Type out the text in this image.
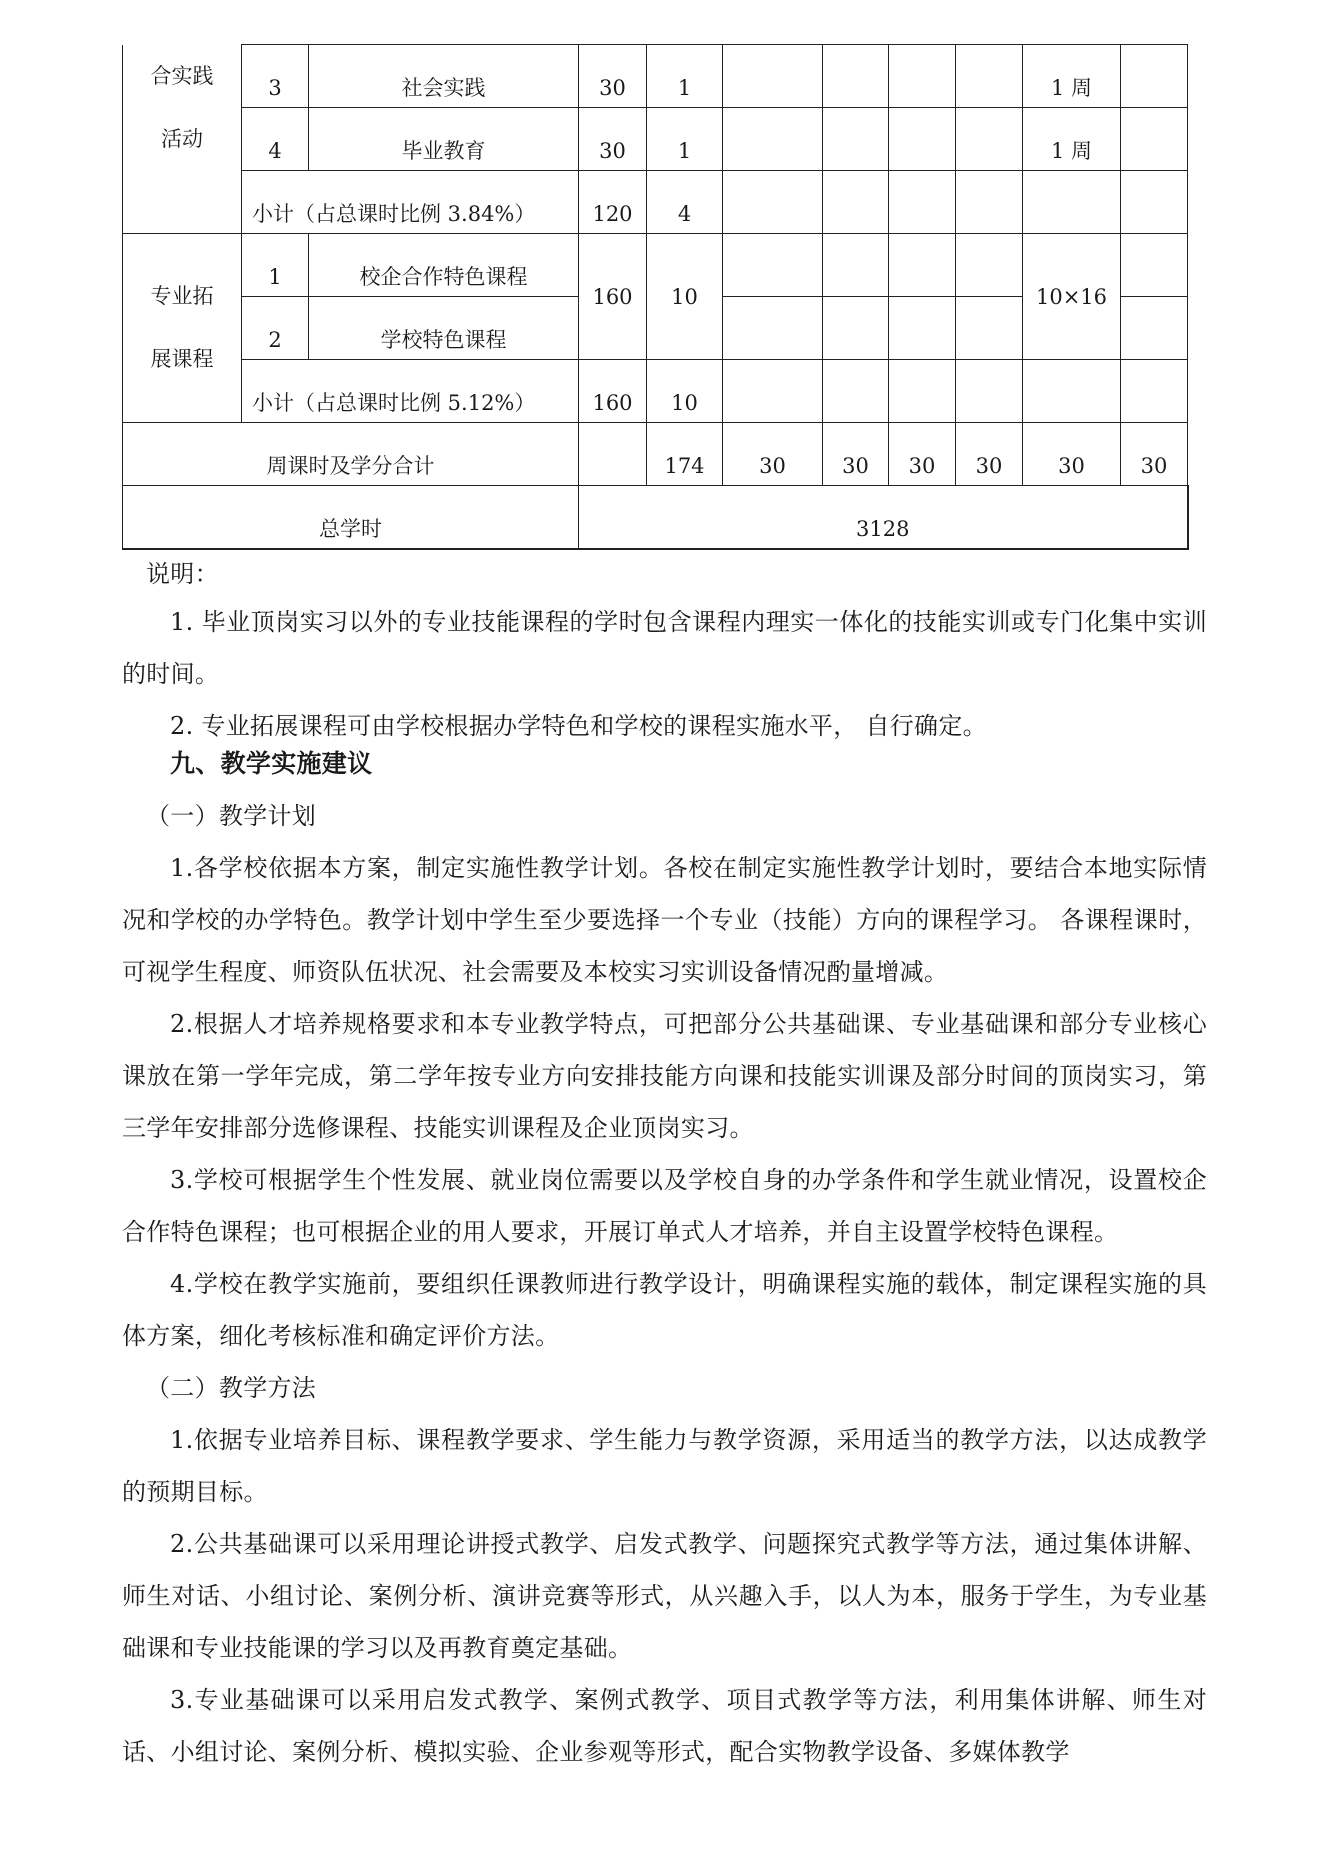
合实践
活动	3	社会实践	30	1					1 周	
	4	毕业教育	30	1					1 周	
	小计（占总课时比例 3.84%）		120	4						

专业拓
展课程	1	校企合作特色课程	160	10					10×16	
	2	学校特色课程								
	小计（占总课时比例 5.12%）		160	10						
周课时及学分合计				174	30	30	30	30	30	30
总学时			3128							

说明：

1. 毕业顶岗实习以外的专业技能课程的学时包含课程内理实一体化的技能实训或专门化集中实训的时间。

2. 专业拓展课程可由学校根据办学特色和学校的课程实施水平， 自行确定。

九、教学实施建议

（一）教学计划

1.各学校依据本方案，制定实施性教学计划。各校在制定实施性教学计划时，要结合本地实际情况和学校的办学特色。教学计划中学生至少要选择一个专业（技能）方向的课程学习。 各课程课时，可视学生程度、师资队伍状况、社会需要及本校实习实训设备情况酌量增减。

2.根据人才培养规格要求和本专业教学特点，可把部分公共基础课、专业基础课和部分专业核心课放在第一学年完成，第二学年按专业方向安排技能方向课和技能实训课及部分时间的顶岗实习，第三学年安排部分选修课程、技能实训课程及企业顶岗实习。

3.学校可根据学生个性发展、就业岗位需要以及学校自身的办学条件和学生就业情况，设置校企合作特色课程；也可根据企业的用人要求，开展订单式人才培养，并自主设置学校特色课程。

4.学校在教学实施前，要组织任课教师进行教学设计，明确课程实施的载体，制定课程实施的具体方案，细化考核标准和确定评价方法。

（二）教学方法

1.依据专业培养目标、课程教学要求、学生能力与教学资源，采用适当的教学方法，以达成教学的预期目标。

2.公共基础课可以采用理论讲授式教学、启发式教学、问题探究式教学等方法，通过集体讲解、师生对话、小组讨论、案例分析、演讲竞赛等形式，从兴趣入手，以人为本，服务于学生，为专业基础课和专业技能课的学习以及再教育奠定基础。

3.专业基础课可以采用启发式教学、案例式教学、项目式教学等方法，利用集体讲解、师生对话、小组讨论、案例分析、模拟实验、企业参观等形式，配合实物教学设备、多媒体教学
